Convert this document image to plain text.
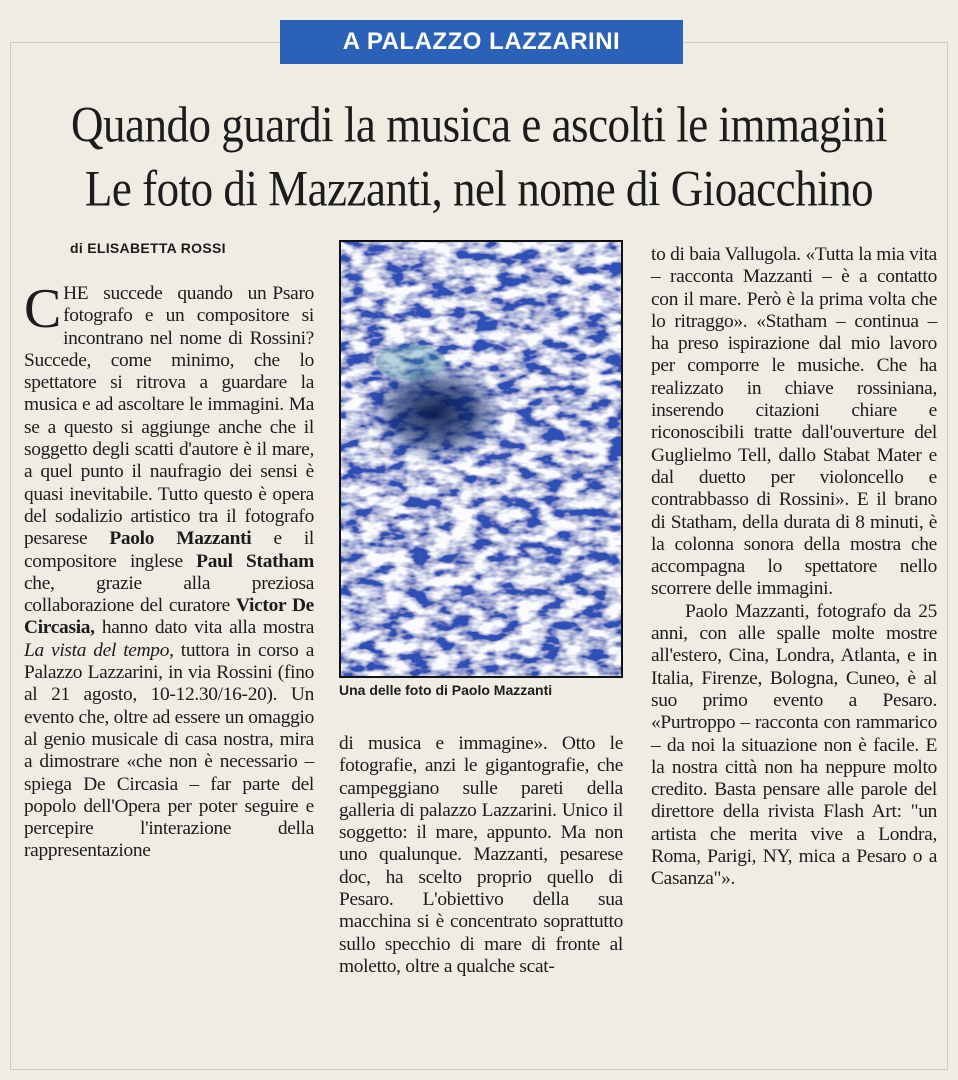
A PALAZZO LAZZARINI
Quando guardi la musica e ascolti le immagini
Le foto di Mazzanti, nel nome di Gioacchino
di ELISABETTA ROSSI

Psaro
C HE succede quando un fotografo e un compositore si incontrano nel nome di Rossini? Succede, come minimo, che lo spettatore si ritrova a guardare la musica e ad ascoltare le immagini. Ma se a questo si aggiunge anche che il soggetto degli scatti d'autore è il mare, a quel punto il naufragio dei sensi è quasi inevitabile. Tutto questo è opera del sodalizio artistico tra il fotografo pesarese Paolo Mazzanti e il compositore inglese Paul Statham che, grazie alla preziosa collaborazione del curatore Victor De Circasia, hanno dato vita alla mostra La vista del tempo, tuttora in corso a Palazzo Lazzarini, in via Rossini (fino al 21 agosto, 10-12.30/16-20). Un evento che, oltre ad essere un omaggio al genio musicale di casa nostra, mira a dimostrare «che non è necessario – spiega De Circasia – far parte del popolo dell'Opera per poter seguire e percepire l'interazione della rappresentazione

Una delle foto di Paolo Mazzanti

di musica e immagine». Otto le fotografie, anzi le gigantografie, che campeggiano sulle pareti della galleria di palazzo Lazzarini. Unico il soggetto: il mare, appunto. Ma non uno qualunque. Mazzanti, pesarese doc, ha scelto proprio quello di Pesaro. L'obiettivo della sua macchina si è concentrato soprattutto sullo specchio di mare di fronte al moletto, oltre a qualche scat-

to di baia Vallugola. «Tutta la mia vita – racconta Mazzanti – è a contatto con il mare. Però è la prima volta che lo ritraggo». «Statham – continua – ha preso ispirazione dal mio lavoro per comporre le musiche. Che ha realizzato in chiave rossiniana, inserendo citazioni chiare e riconoscibili tratte dall'ouverture del Guglielmo Tell, dallo Stabat Mater e dal duetto per violoncello e contrabbasso di Rossini». E il brano di Statham, della durata di 8 minuti, è la colonna sonora della mostra che accompagna lo spettatore nello scorrere delle immagini.

Paolo Mazzanti, fotografo da 25 anni, con alle spalle molte mostre all'estero, Cina, Londra, Atlanta, e in Italia, Firenze, Bologna, Cuneo, è al suo primo evento a Pesaro. «Purtroppo – racconta con rammarico – da noi la situazione non è facile. E la nostra città non ha neppure molto credito. Basta pensare alle parole del direttore della rivista Flash Art: "un artista che merita vive a Londra, Roma, Parigi, NY, mica a Pesaro o a Casanza"».
